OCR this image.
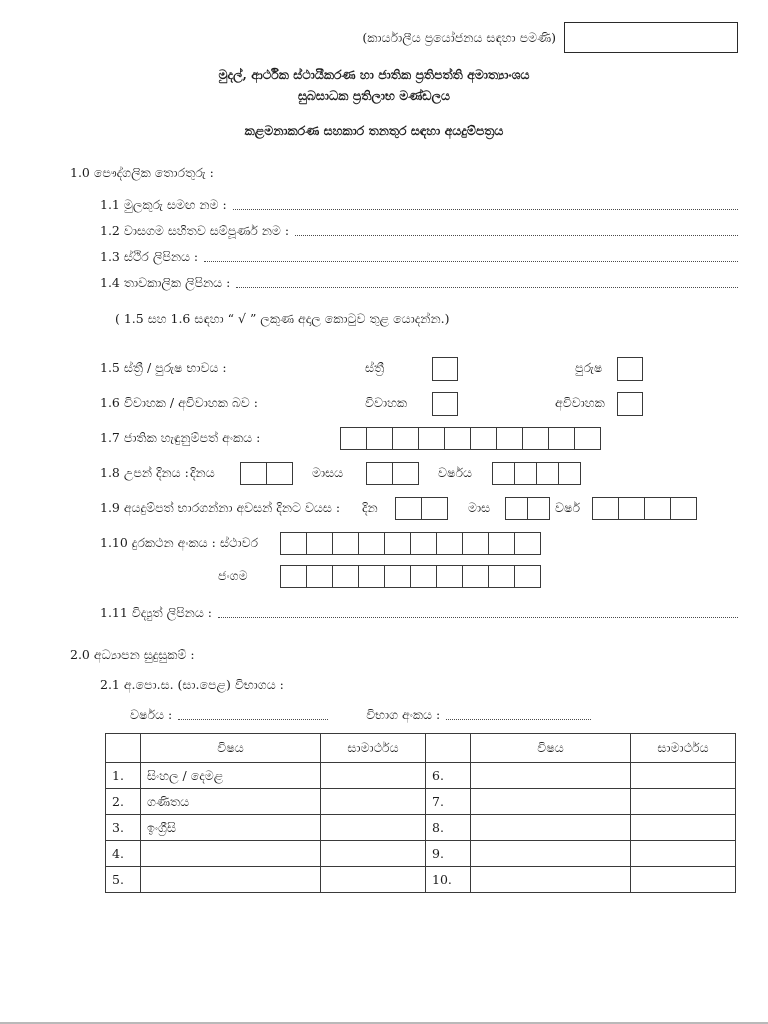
(කාර්යාලීය ප්‍රයෝජනය සඳහා පමණි)
මුදල්, ආර්ථික ස්ථායීකරණ හා ජාතික ප්‍රතිපත්ති අමාත්‍යාංශය
සුබසාධක ප්‍රතිලාභ මණ්ඩලය
කළමනාකරණ සහකාර තනතුර සඳහා අයදුම්පත්‍රය
1.0 පෞද්ගලික තොරතුරු :
1.1 මුලකුරු සමඟ නම :
1.2 වාසගම සහිතව සම්පූර්ණ නම :
1.3 ස්ථිර ලිපිනය :
1.4 තාවකාලික ලිපිනය :
( 1.5 සහ 1.6 සඳහා “ √ ” ලකුණ අදාල කොටුව තුළ යොදන්න.)
1.5 ස්ත්‍රී / පුරුෂ භාවය :	ස්ත්‍රී	පුරුෂ
1.6 විවාහක / අවිවාහක බව :	විවාහක	අවිවාහක
1.7 ජාතික හැඳුනුම්පත් අංකය :
1.8 උපන් දිනය : දිනය	මාසය	වර්ෂය
1.9 අයදුම්පත් භාරගන්නා අවසන් දිනට වයස : දින	මාස	වර්ෂ
1.10 දුරකථන අංකය : ස්ථාවර
ජංගම
1.11 විද්‍යුත් ලිපිනය :
2.0 අධ්‍යාපන සුදුසුකම් :
2.1 අ.පො.ස. (සා.පෙළ) විභාගය :
වර්ෂය :	විභාග අංකය :
	විෂය	සාමාර්ථය		විෂය	සාමාර්ථය
1.	සිංහල / දෙමළ		6.		
2.	ගණිතය		7.		
3.	ඉංග්‍රීසි		8.		
4.			9.		
5.			10.		
